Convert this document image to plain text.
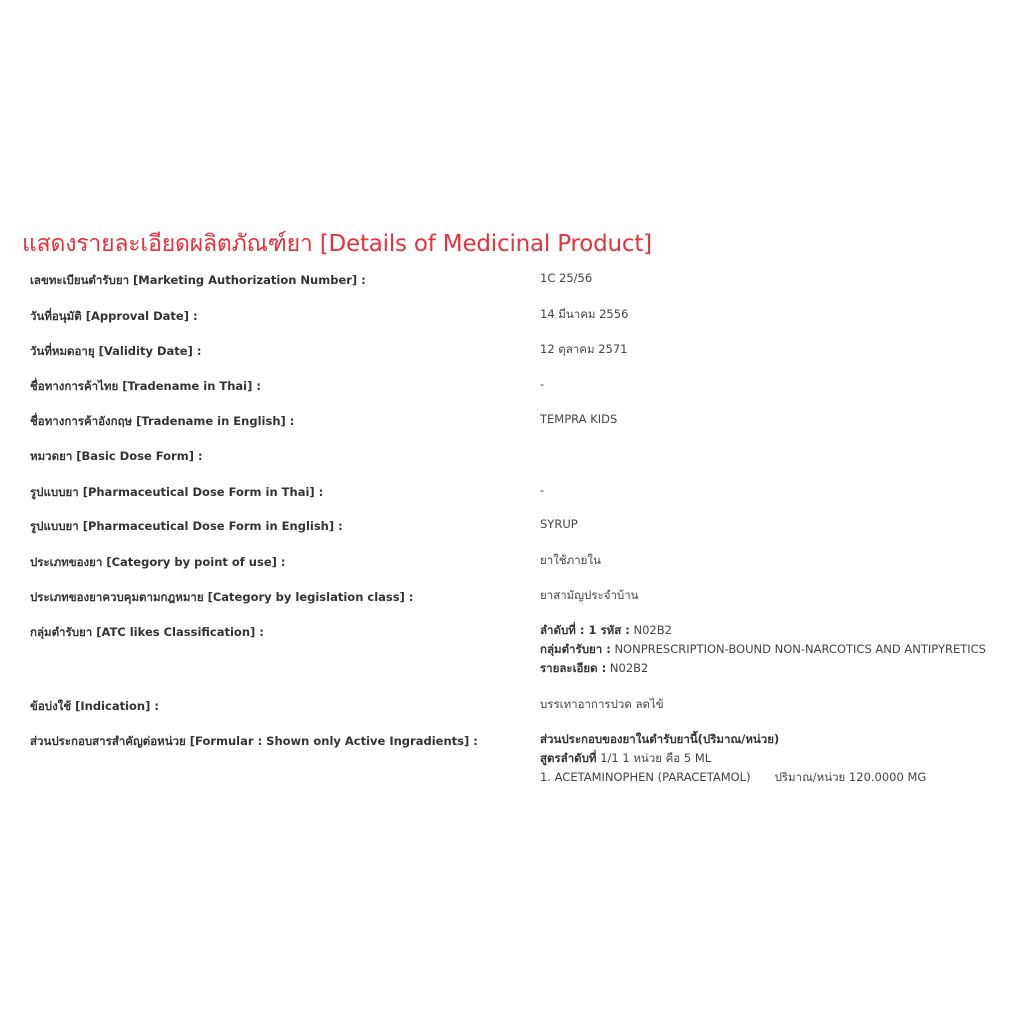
แสดงรายละเอียดผลิตภัณฑ์ยา [Details of Medicinal Product]
เลขทะเบียนตำรับยา [Marketing Authorization Number] :	1C 25/56
วันที่อนุมัติ [Approval Date] :	14 มีนาคม 2556
วันที่หมดอายุ [Validity Date] :	12 ตุลาคม 2571
ชื่อทางการค้าไทย [Tradename in Thai] :	-
ชื่อทางการค้าอังกฤษ [Tradename in English] :	TEMPRA KIDS
หมวดยา [Basic Dose Form] :
รูปแบบยา [Pharmaceutical Dose Form in Thai] :	-
รูปแบบยา [Pharmaceutical Dose Form in English] :	SYRUP
ประเภทของยา [Category by point of use] :	ยาใช้ภายใน
ประเภทของยาควบคุมตามกฎหมาย [Category by legislation class] :	ยาสามัญประจำบ้าน
กลุ่มตำรับยา [ATC likes Classification] :	ลำดับที่ : 1 รหัส : N02B2
กลุ่มตำรับยา : NONPRESCRIPTION-BOUND NON-NARCOTICS AND ANTIPYRETICS
รายละเอียด : N02B2
ข้อบ่งใช้ [Indication] :	บรรเทาอาการปวด ลดไข้
ส่วนประกอบสารสำคัญต่อหน่วย [Formular : Shown only Active Ingradients] :	ส่วนประกอบของยาในตำรับยานี้(ปริมาณ/หน่วย)
สูตรลำดับที่ 1/1 1 หน่วย คือ 5 ML
1. ACETAMINOPHEN (PARACETAMOL) ปริมาณ/หน่วย 120.0000 MG
